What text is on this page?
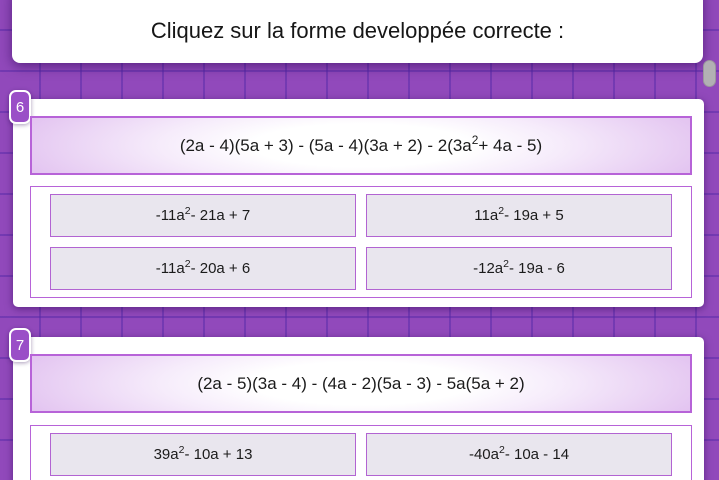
Cliquez sur la forme developpée correcte :
6
$(2a - 4)(5a + 3) - (5a - 4)(3a + 2) - 2(3a^2 + 4a - 5)$
$-11a^2 - 21a + 7$	$11a^2 - 19a + 5$
$-11a^2 - 20a + 6$	$-12a^2 - 19a - 6$
7
(2a - 5)(3a - 4) - (4a - 2)(5a - 3) - 5a(5a + 2)
$39a^2 - 10a + 13$	$-40a^2 - 10a - 14$
